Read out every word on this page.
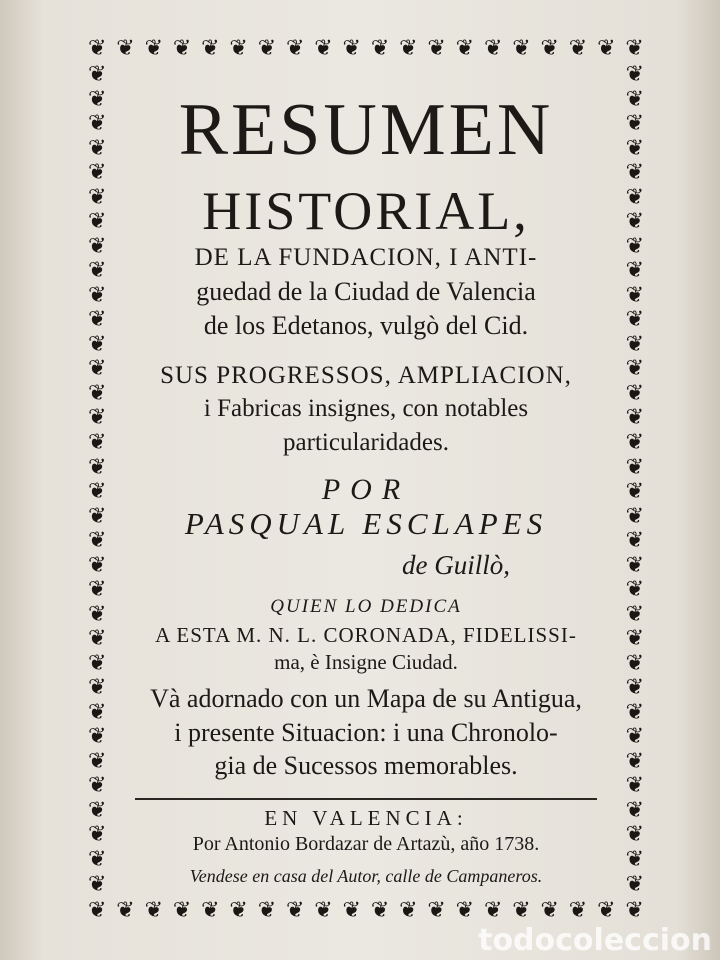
❦ ❦ ❦ ❦ ❦ ❦ ❦ ❦ ❦ ❦ ❦ ❦ ❦ ❦ ❦ ❦ ❦ ❦ ❦ ❦
❦ ❦ ❦ ❦ ❦ ❦ ❦ ❦ ❦ ❦ ❦ ❦ ❦ ❦ ❦ ❦ ❦ ❦ ❦ ❦
❦
❦
❦
❦
❦
❦
❦
❦
❦
❦
❦
❦
❦
❦
❦
❦
❦
❦
❦
❦
❦
❦
❦
❦
❦
❦
❦
❦
❦
❦
❦
❦
❦
❦
❦
❦
❦
❦
❦
❦
❦
❦
❦
❦
❦
❦
❦
❦
❦
❦
❦
❦
❦
❦
❦
❦
❦
❦
❦
❦
❦
❦
❦
❦
❦
❦
❦
❦
RESUMEN
HISTORIAL,
DE LA FUNDACION, I ANTI-
guedad de la Ciudad de Valencia
de los Edetanos, vulgò del Cid.
SUS PROGRESSOS, AMPLIACION,
i Fabricas insignes, con notables
particularidades.
POR
PASQUAL ESCLAPES
de Guillò,
QUIEN LO DEDICA
A ESTA M. N. L. CORONADA, FIDELISSI-
ma, è Insigne Ciudad.
Và adornado con un Mapa de su Antigua,
i presente Situacion: i una Chronolo-
gia de Sucessos memorables.
EN VALENCIA:
Por Antonio Bordazar de Artazù, año 1738.
Vendese en casa del Autor, calle de Campaneros.
todocoleccion
